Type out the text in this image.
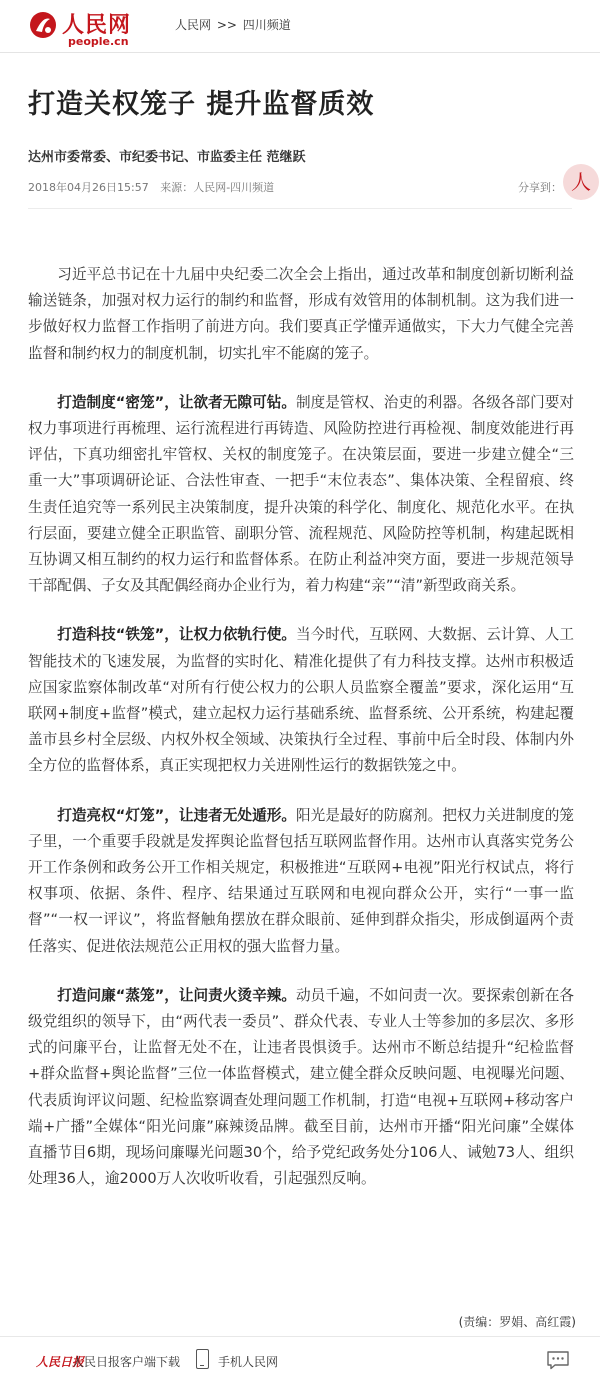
人民网
people.cn
人民网 >> 四川频道
打造关权笼子 提升监督质效
达州市委常委、市纪委书记、市监委主任 范继跃
2018年04月26日15:57 来源：人民网-四川频道	分享到： 人

习近平总书记在十九届中央纪委二次全会上指出，通过改革和制度创新切断利益输送链条，加强对权力运行的制约和监督，形成有效管用的体制机制。这为我们进一步做好权力监督工作指明了前进方向。我们要真正学懂弄通做实，下大力气健全完善监督和制约权力的制度机制，切实扎牢不能腐的笼子。

打造制度“密笼”，让欲者无隙可钻。制度是管权、治吏的利器。各级各部门要对权力事项进行再梳理、运行流程进行再铸造、风险防控进行再检视、制度效能进行再评估，下真功细密扎牢管权、关权的制度笼子。在决策层面，要进一步建立健全“三重一大”事项调研论证、合法性审查、一把手“末位表态”、集体决策、全程留痕、终生责任追究等一系列民主决策制度，提升决策的科学化、制度化、规范化水平。在执行层面，要建立健全正职监管、副职分管、流程规范、风险防控等机制，构建起既相互协调又相互制约的权力运行和监督体系。在防止利益冲突方面，要进一步规范领导干部配偶、子女及其配偶经商办企业行为，着力构建“亲”“清”新型政商关系。

打造科技“铁笼”，让权力依轨行使。当今时代，互联网、大数据、云计算、人工智能技术的飞速发展，为监督的实时化、精准化提供了有力科技支撑。达州市积极适应国家监察体制改革“对所有行使公权力的公职人员监察全覆盖”要求，深化运用“互联网+制度+监督”模式，建立起权力运行基础系统、监督系统、公开系统，构建起覆盖市县乡村全层级、内权外权全领域、决策执行全过程、事前中后全时段、体制内外全方位的监督体系，真正实现把权力关进刚性运行的数据铁笼之中。

打造亮权“灯笼”，让违者无处遁形。阳光是最好的防腐剂。把权力关进制度的笼子里，一个重要手段就是发挥舆论监督包括互联网监督作用。达州市认真落实党务公开工作条例和政务公开工作相关规定，积极推进“互联网+电视”阳光行权试点，将行权事项、依据、条件、程序、结果通过互联网和电视向群众公开，实行“一事一监督”“一权一评议”，将监督触角摆放在群众眼前、延伸到群众指尖，形成倒逼两个责任落实、促进依法规范公正用权的强大监督力量。

打造问廉“蒸笼”，让问责火烫辛辣。动员千遍，不如问责一次。要探索创新在各级党组织的领导下，由“两代表一委员”、群众代表、专业人士等参加的多层次、多形式的问廉平台，让监督无处不在，让违者畏惧烫手。达州市不断总结提升“纪检监督+群众监督+舆论监督”三位一体监督模式，建立健全群众反映问题、电视曝光问题、代表质询评议问题、纪检监察调查处理问题工作机制，打造“电视+互联网+移动客户端+广播”全媒体“阳光问廉”麻辣烫品牌。截至目前，达州市开播“阳光问廉”全媒体直播节目6期，现场问廉曝光问题30个，给予党纪政务处分106人、诫勉73人、组织处理36人，逾2000万人次收听收看，引起强烈反响。

(责编：罗娟、高红霞)
人民日报
人民日报客户端下载	手机人民网
